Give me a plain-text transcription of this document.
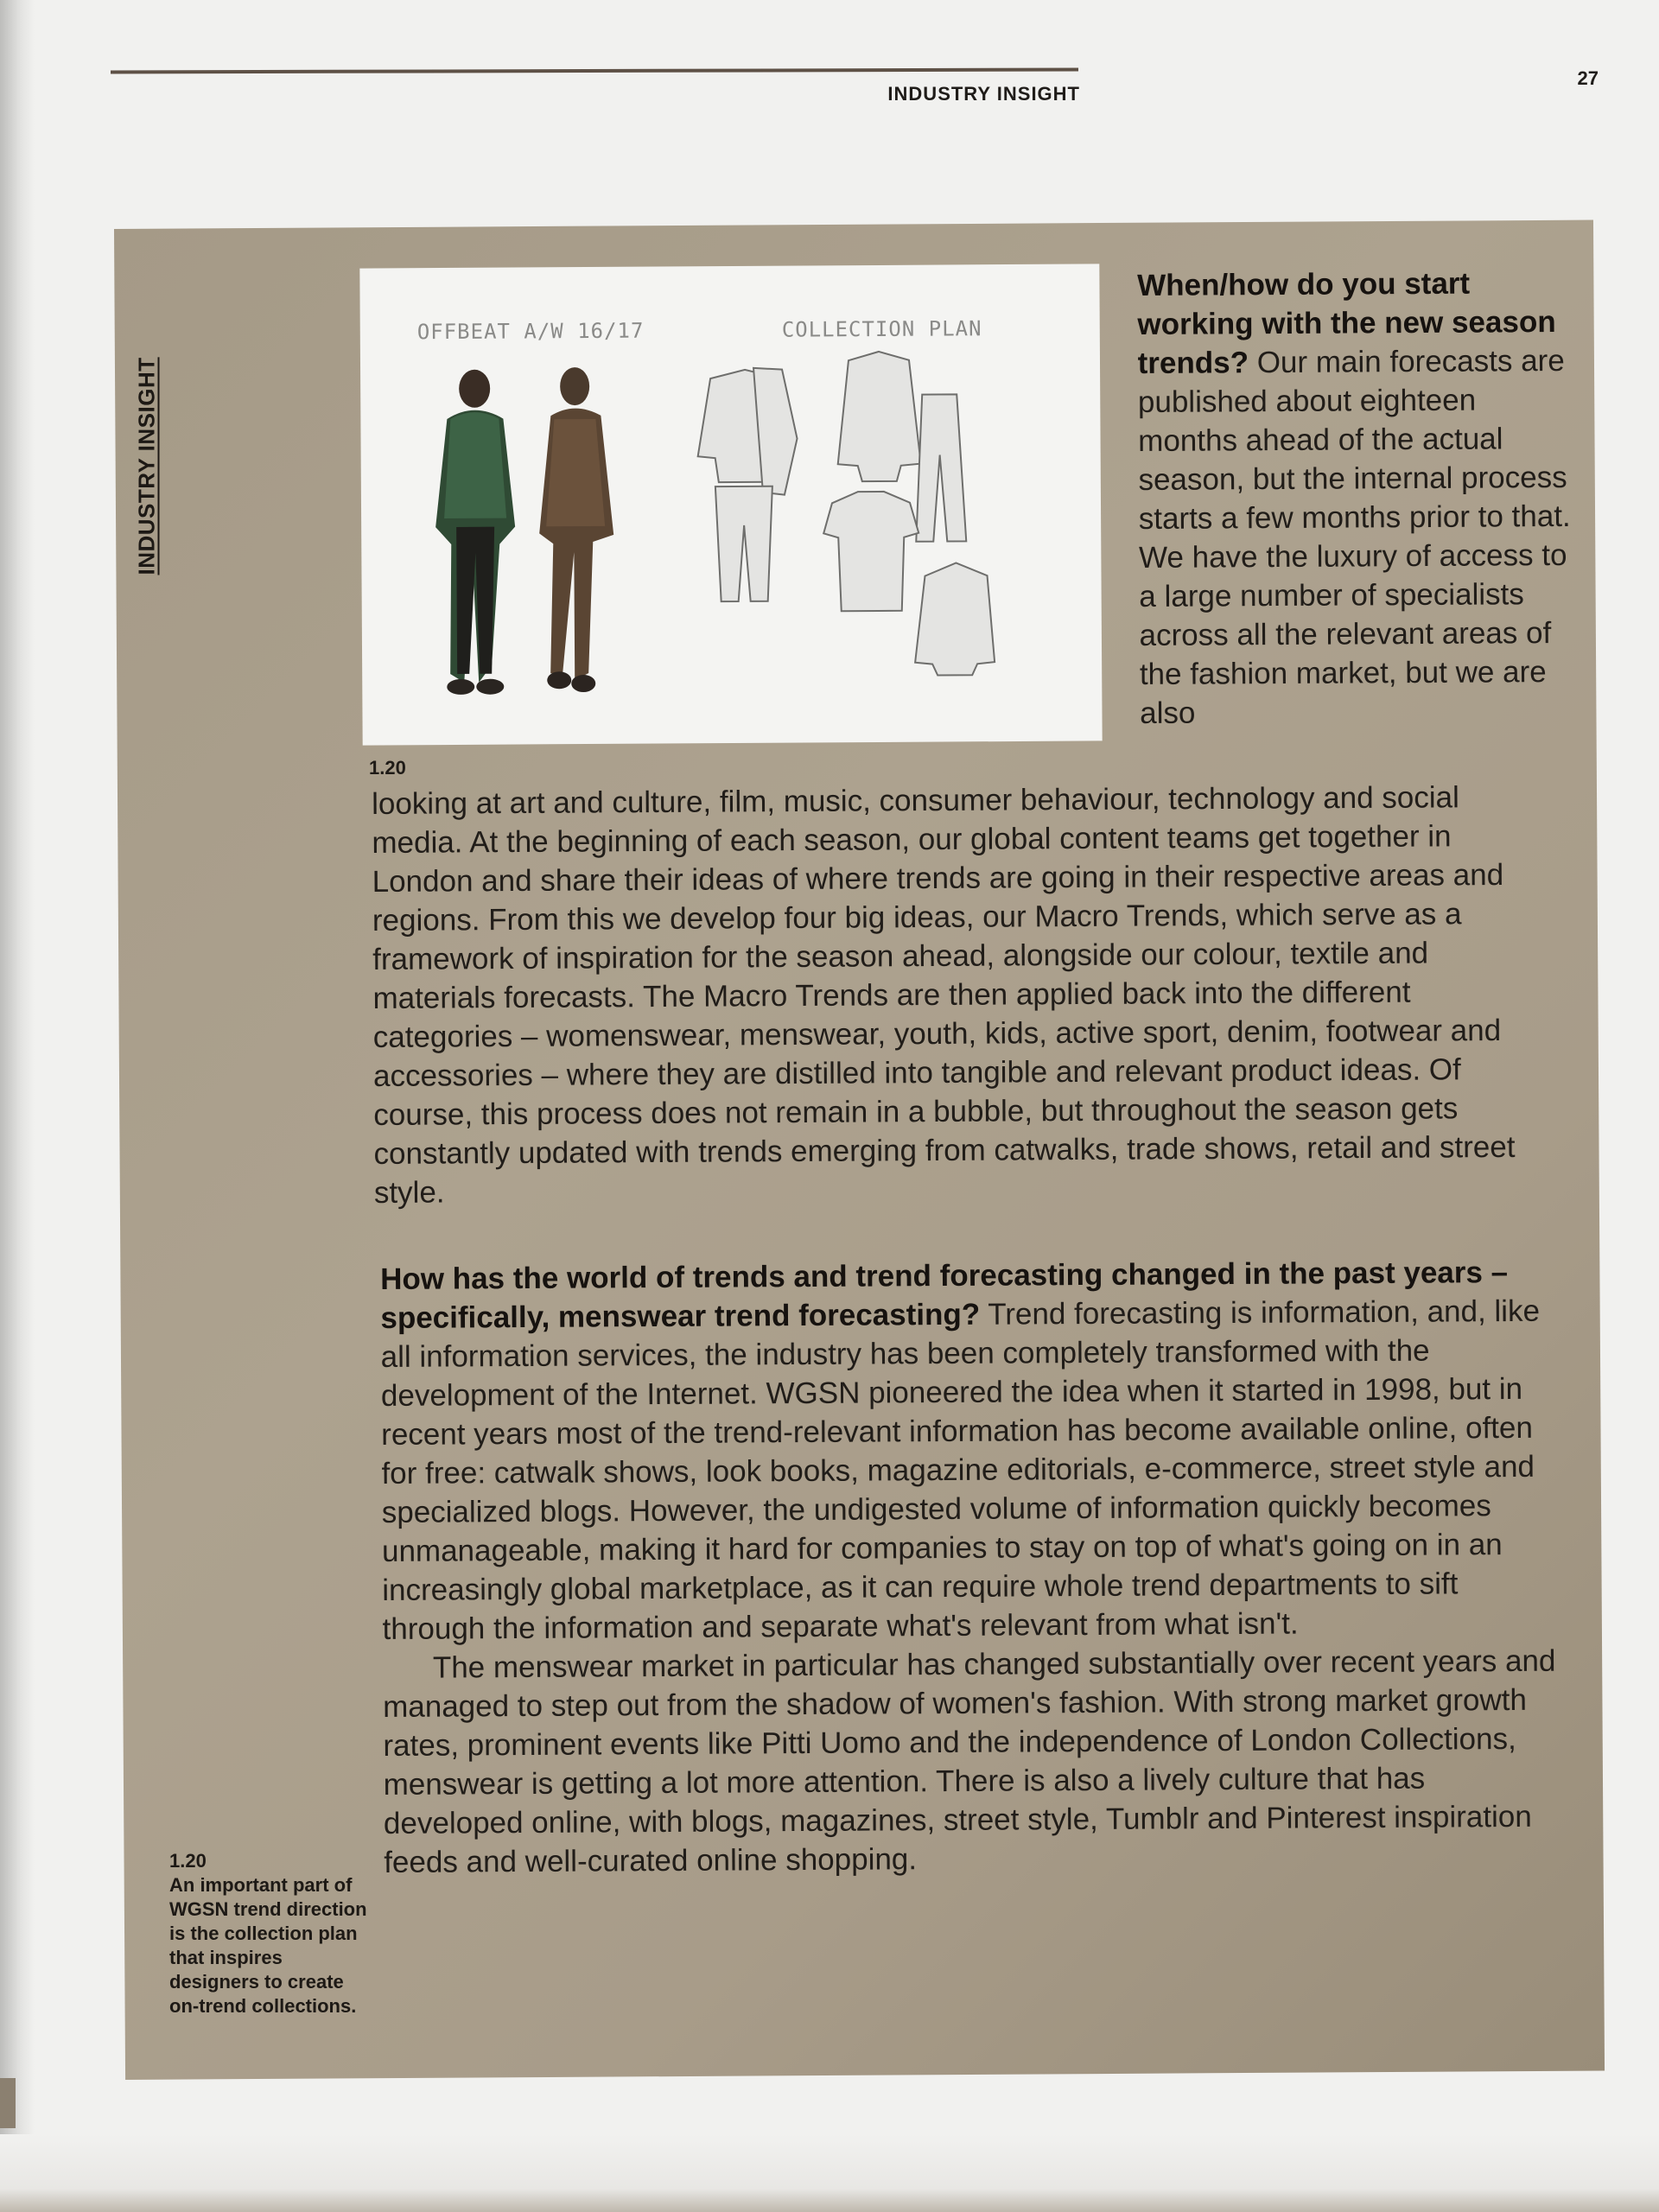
INDUSTRY INSIGHT
27
INDUSTRY INSIGHT
OFFBEAT A/W 16/17	COLLECTION PLAN
1.20
When/how do you start working with the new season trends? Our main forecasts are published about eighteen months ahead of the actual season, but the internal process starts a few months prior to that. We have the luxury of access to a large number of specialists across all the relevant areas of the fashion market, but we are also
looking at art and culture, film, music, consumer behaviour, technology and social media. At the beginning of each season, our global content teams get together in London and share their ideas of where trends are going in their respective areas and regions. From this we develop four big ideas, our Macro Trends, which serve as a framework of inspiration for the season ahead, alongside our colour, textile and materials forecasts. The Macro Trends are then applied back into the different categories – womenswear, menswear, youth, kids, active sport, denim, footwear and accessories – where they are distilled into tangible and relevant product ideas. Of course, this process does not remain in a bubble, but throughout the season gets constantly updated with trends emerging from catwalks, trade shows, retail and street style.

How has the world of trends and trend forecasting changed in the past years – specifically, menswear trend forecasting? Trend forecasting is information, and, like all information services, the industry has been completely transformed with the development of the Internet. WGSN pioneered the idea when it started in 1998, but in recent years most of the trend-relevant information has become available online, often for free: catwalk shows, look books, magazine editorials, e-commerce, street style and specialized blogs. However, the undigested volume of information quickly becomes unmanageable, making it hard for companies to stay on top of what's going on in an increasingly global marketplace, as it can require whole trend departments to sift through the information and separate what's relevant from what isn't.

The menswear market in particular has changed substantially over recent years and managed to step out from the shadow of women's fashion. With strong market growth rates, prominent events like Pitti Uomo and the independence of London Collections, menswear is getting a lot more attention. There is also a lively culture that has developed online, with blogs, magazines, street style, Tumblr and Pinterest inspiration feeds and well-curated online shopping.

1.20
An important part of WGSN trend direction is the collection plan that inspires designers to create on-trend collections.
